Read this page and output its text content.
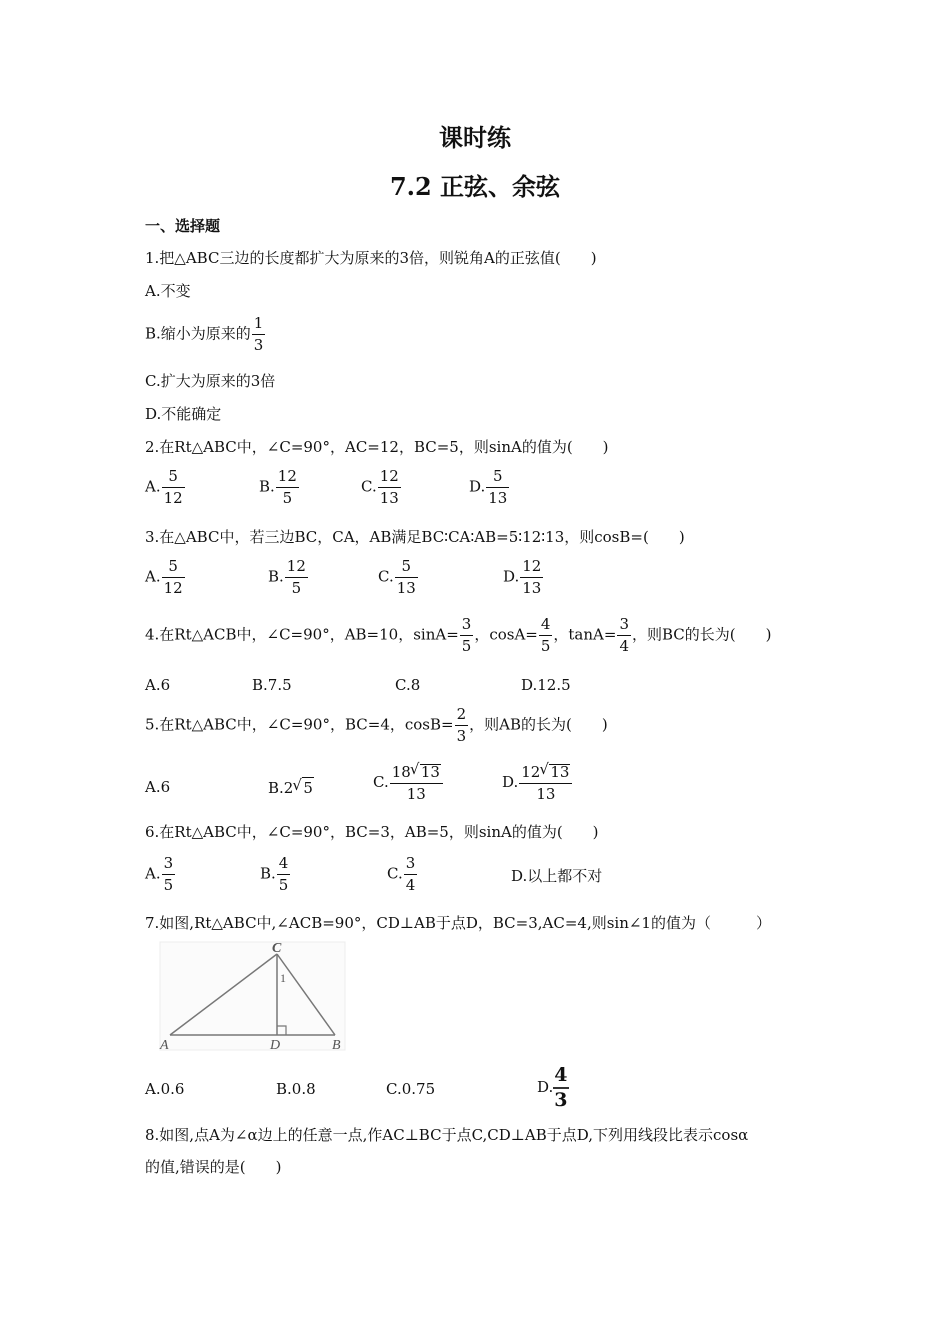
课时练
7.2 正弦、余弦
一、选择题
1.把△ABC三边的长度都扩大为原来的3倍，则锐角A的正弦值(　　)
A.不变
B.缩小为原来的 $\frac{1}{3}$
C.扩大为原来的3倍
D.不能确定
2.在Rt△ABC中，∠C=90°，AC=12，BC=5，则sinA的值为(　　)
A. $\frac{5}{12}$	B. $\frac{12}{5}$	C. $\frac{12}{13}$	D. $\frac{5}{13}$
3.在△ABC中，若三边BC，CA，AB满足BC∶CA∶AB=5∶12∶13，则cosB=(　　)
A. $\frac{5}{12}$	B. $\frac{12}{5}$	C. $\frac{5}{13}$	D. $\frac{12}{13}$
4.在Rt△ACB中，∠C=90°，AB=10，$\sin A= \frac{3}{5}$ ，$\cos A= \frac{4}{5}$ ，$\tan A= \frac{3}{4}$ ，则BC的长为(　　)
A.6	B.7.5	C.8	D.12.5
5.在Rt△ABC中，∠C=90°，BC=4，$\cos B= \frac{2}{3}$ ，则AB的长为(　　)
A.6	B.2 √ 5	C. $\frac{18 √ 13}{13}$	D. $\frac{12 √ 13}{13}$
6.在Rt△ABC中，∠C=90°，BC=3，AB=5，则sinA的值为(　　)
A. $\frac{3}{5}$	B. $\frac{4}{5}$	C. $\frac{3}{4}$	D.以上都不对
7.如图,Rt△ABC中,∠ACB=90°，CD⊥AB于点D，BC=3,AC=4,则sin∠1的值为（　　　）
C
A	D	B
1
A.0.6	B.0.8	C.0.75	D. $\frac{4}{3}$
8.如图,点A为∠α边上的任意一点,作AC⊥BC于点C,CD⊥AB于点D,下列用线段比表示cosα
的值,错误的是(　　)
